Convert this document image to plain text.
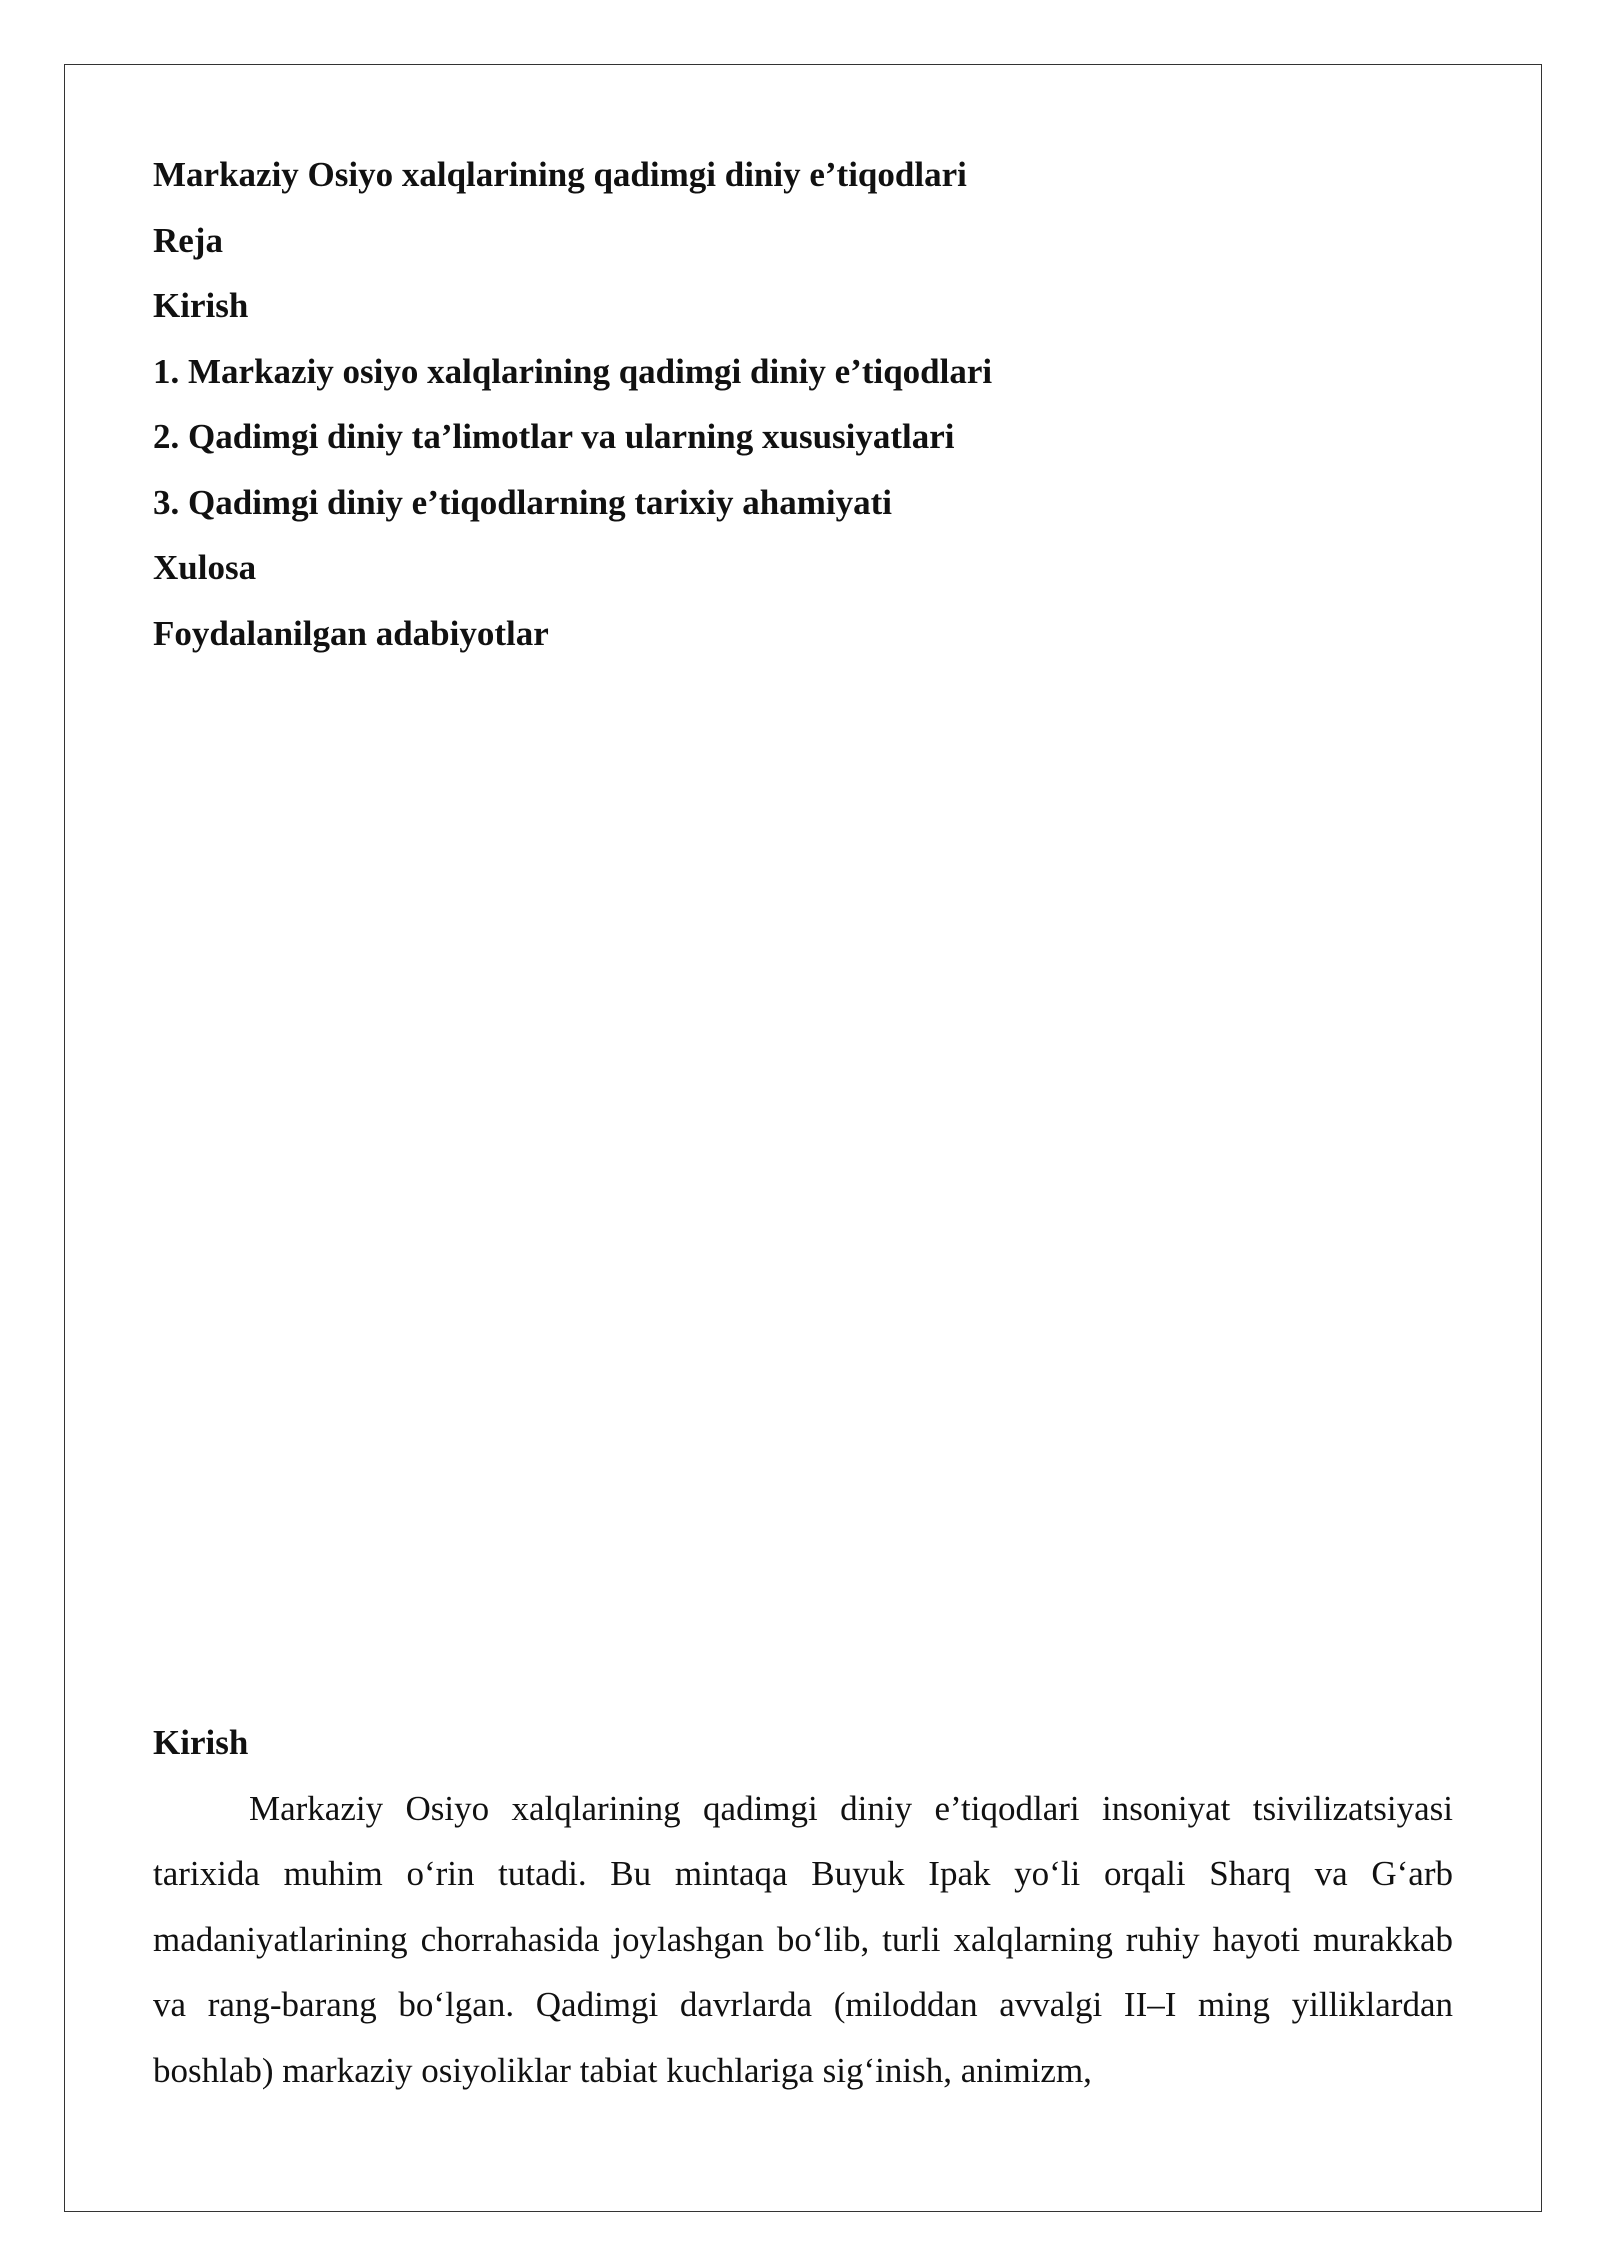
Markaziy Osiyo xalqlarining qadimgi diniy e’tiqodlari
Reja
Kirish
1. Markaziy osiyo xalqlarining qadimgi diniy e’tiqodlari
2. Qadimgi diniy ta’limotlar va ularning xususiyatlari
3. Qadimgi diniy e’tiqodlarning tarixiy ahamiyati
Xulosa
Foydalanilgan adabiyotlar
Kirish

Markaziy Osiyo xalqlarining qadimgi diniy e’tiqodlari insoniyat tsivilizatsiyasi tarixida muhim o‘rin tutadi. Bu mintaqa Buyuk Ipak yo‘li orqali Sharq va G‘arb madaniyatlarining chorrahasida joylashgan bo‘lib, turli xalqlarning ruhiy hayoti murakkab va rang-barang bo‘lgan. Qadimgi davrlarda (miloddan avvalgi II–I ming yilliklardan boshlab) markaziy osiyoliklar tabiat kuchlariga sig‘inish, animizm,
